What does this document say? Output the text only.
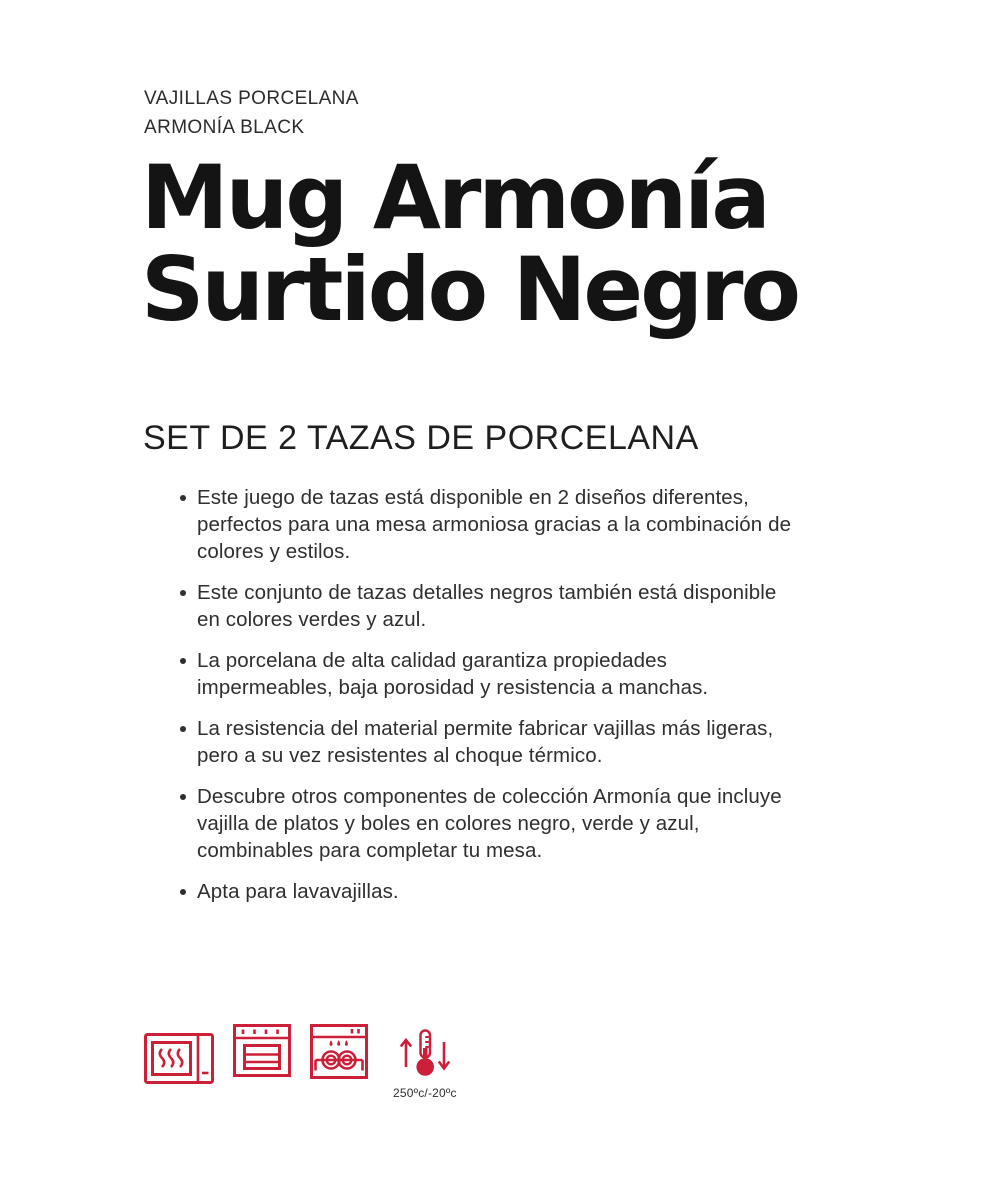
VAJILLAS PORCELANA
ARMONÍA BLACK
Mug Armonía
Surtido Negro
SET DE 2 TAZAS DE PORCELANA
Este juego de tazas está disponible en 2 diseños diferentes, perfectos para una mesa armoniosa gracias a la combinación de colores y estilos.
Este conjunto de tazas detalles negros también está disponible en colores verdes y azul.
La porcelana de alta calidad garantiza propiedades impermeables, baja porosidad y resistencia a manchas.
La resistencia del material permite fabricar vajillas más ligeras, pero a su vez resistentes al choque térmico.
Descubre otros componentes de colección Armonía que incluye vajilla de platos y boles en colores negro, verde y azul, combinables para completar tu mesa.
Apta para lavavajillas.
250ºc/-20ºc
